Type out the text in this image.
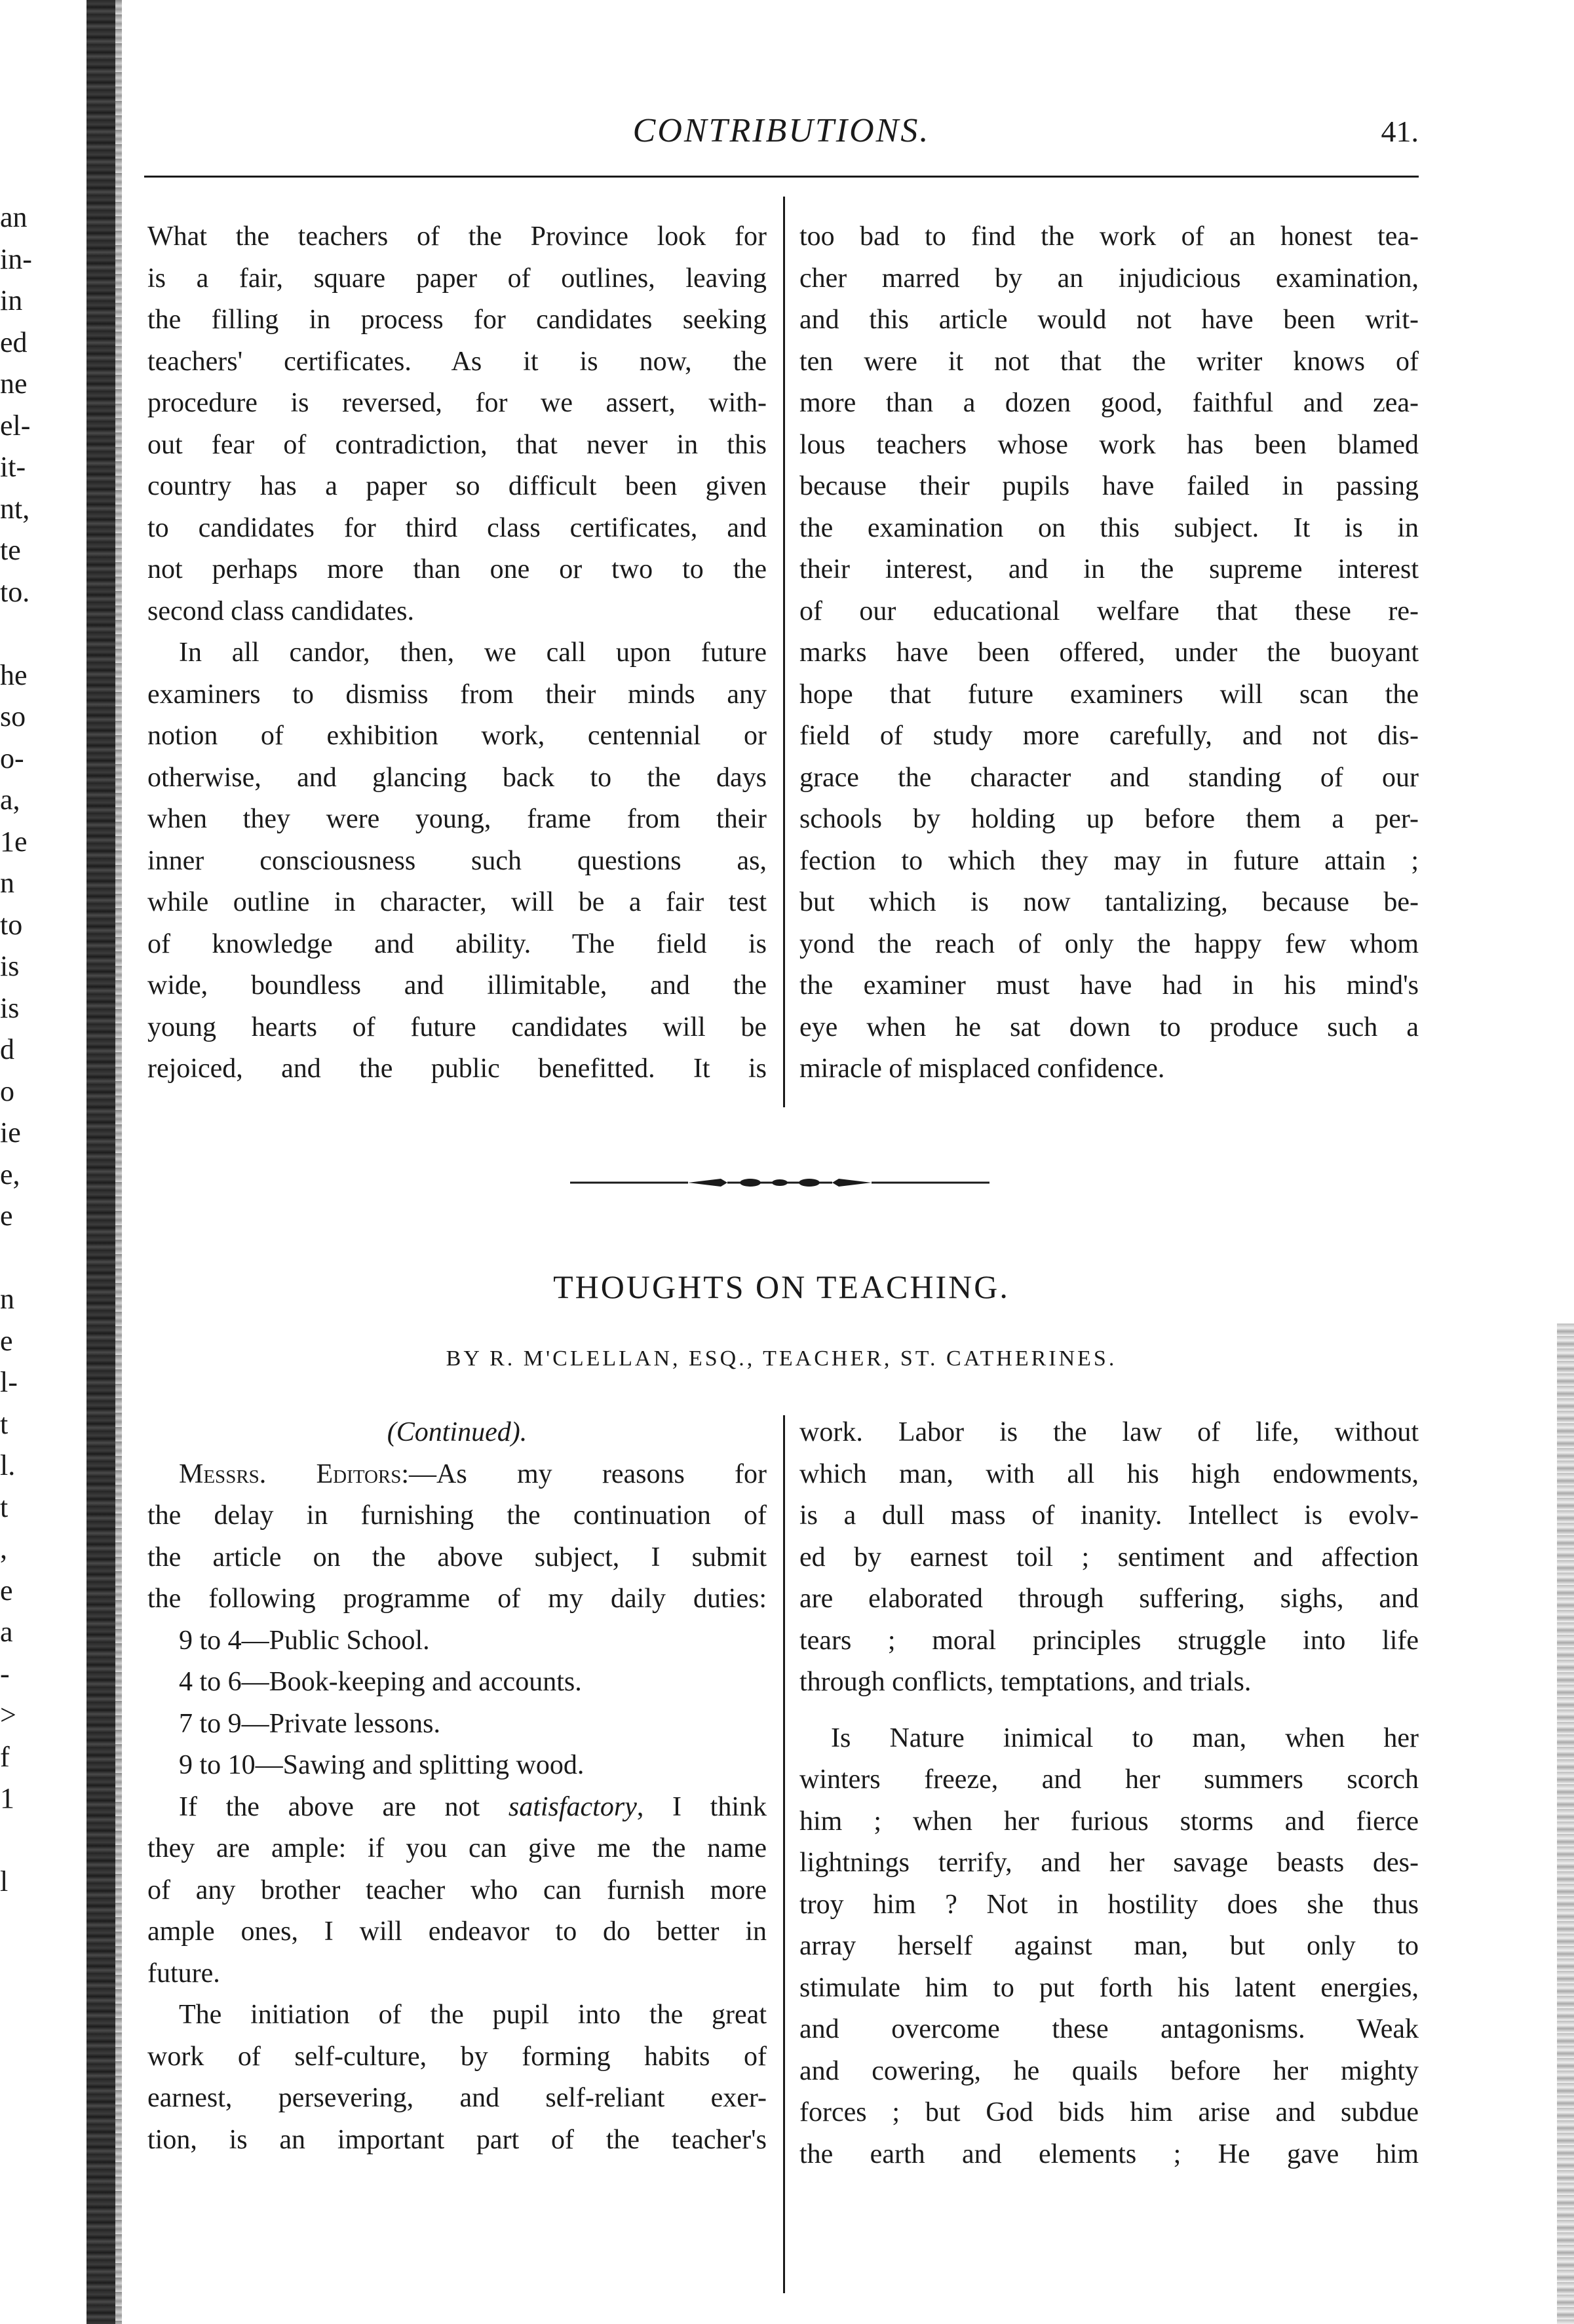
an
in-
in
ed
ne
el-
it-
nt,
te
to.
he
so
o-
a,
1e
n
to
is
is
d
o
ie
e,
e
n
e
l-
t
l.
t
,
e
a
-
>
f
1
l
CONTRIBUTIONS.	41.

What the teachers of the Province look for
is a fair, square paper of outlines, leaving
the filling in process for candidates seeking
teachers' certificates. As it is now, the
procedure is reversed, for we assert, with-
out fear of contradiction, that never in this
country has a paper so difficult been given
to candidates for third class certificates, and
not perhaps more than one or two to the
second class candidates.

In all candor, then, we call upon future
examiners to dismiss from their minds any
notion of exhibition work, centennial or
otherwise, and glancing back to the days
when they were young, frame from their
inner consciousness such questions as,
while outline in character, will be a fair test
of knowledge and ability. The field is
wide, boundless and illimitable, and the
young hearts of future candidates will be
rejoiced, and the public benefitted. It is

too bad to find the work of an honest tea-
cher marred by an injudicious examination,
and this article would not have been writ-
ten were it not that the writer knows of
more than a dozen good, faithful and zea-
lous teachers whose work has been blamed
because their pupils have failed in passing
the examination on this subject. It is in
their interest, and in the supreme interest
of our educational welfare that these re-
marks have been offered, under the buoyant
hope that future examiners will scan the
field of study more carefully, and not dis-
grace the character and standing of our
schools by holding up before them a per-
fection to which they may in future attain ;
but which is now tantalizing, because be-
yond the reach of only the happy few whom
the examiner must have had in his mind's
eye when he sat down to produce such a
miracle of misplaced confidence.

THOUGHTS ON TEACHING.
BY R. M'CLELLAN, ESQ., TEACHER, ST. CATHERINES.

(Continued).

Messrs. Editors:—As my reasons for
the delay in furnishing the continuation of
the article on the above subject, I submit
the following programme of my daily duties:

9 to 4—Public School.
4 to 6—Book-keeping and accounts.
7 to 9—Private lessons.
9 to 10—Sawing and splitting wood.

If the above are not satisfactory, I think
they are ample: if you can give me the name
of any brother teacher who can furnish more
ample ones, I will endeavor to do better in
future.

The initiation of the pupil into the great
work of self-culture, by forming habits of
earnest, persevering, and self-reliant exer-
tion, is an important part of the teacher's

work. Labor is the law of life, without
which man, with all his high endowments,
is a dull mass of inanity. Intellect is evolv-
ed by earnest toil ; sentiment and affection
are elaborated through suffering, sighs, and
tears ; moral principles struggle into life
through conflicts, temptations, and trials.

Is Nature inimical to man, when her
winters freeze, and her summers scorch
him ; when her furious storms and fierce
lightnings terrify, and her savage beasts des-
troy him ? Not in hostility does she thus
array herself against man, but only to
stimulate him to put forth his latent energies,
and overcome these antagonisms. Weak
and cowering, he quails before her mighty
forces ; but God bids him arise and subdue
the earth and elements ; He gave him
